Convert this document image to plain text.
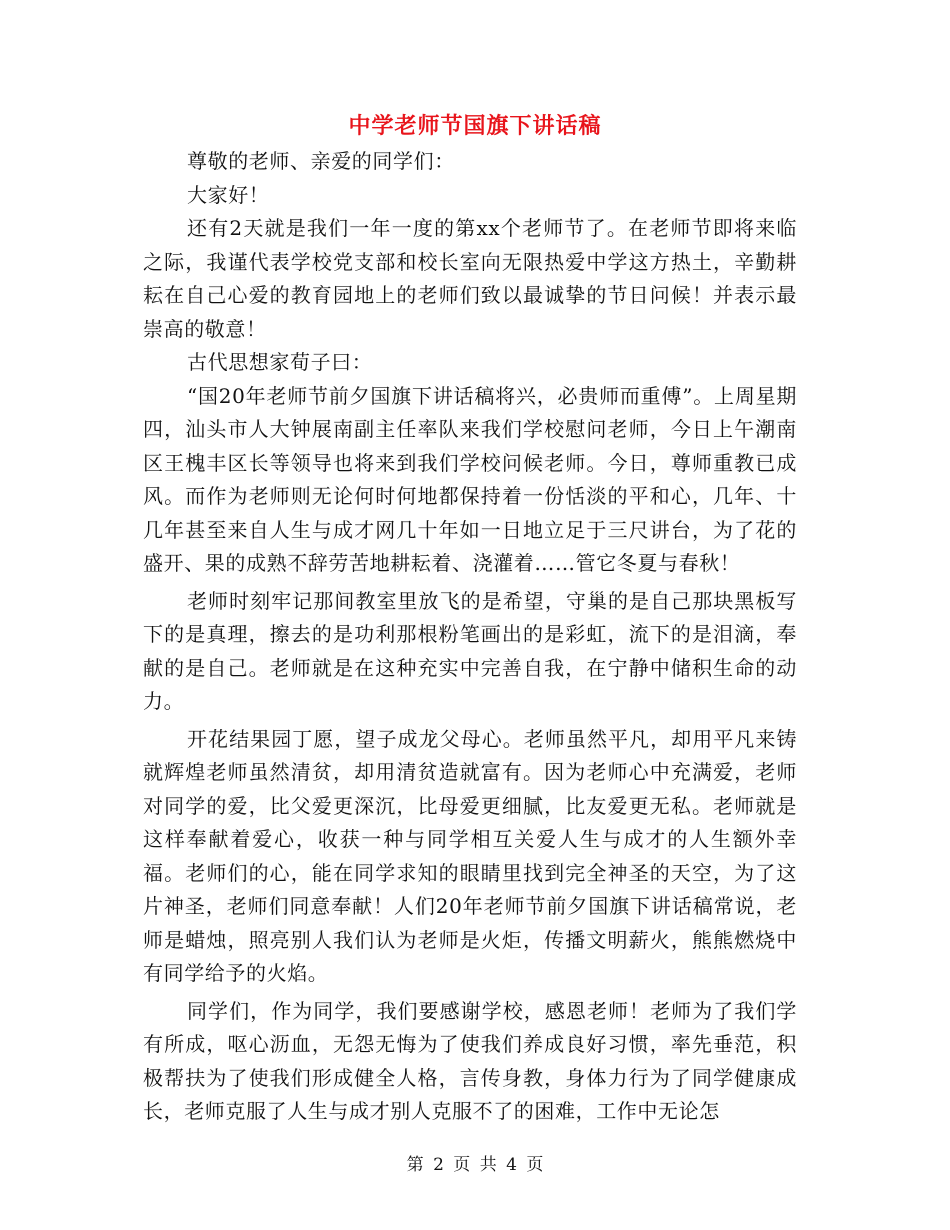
中学老师节国旗下讲话稿

尊敬的老师、亲爱的同学们：

大家好！

还有2天就是我们一年一度的第xx个老师节了。在老师节即将来临之际，我谨代表学校党支部和校长室向无限热爱中学这方热土，辛勤耕耘在自己心爱的教育园地上的老师们致以最诚挚的节日问候！并表示最崇高的敬意！

古代思想家荀子曰：

“国20年老师节前夕国旗下讲话稿将兴，必贵师而重傅”。上周星期四，汕头市人大钟展南副主任率队来我们学校慰问老师，今日上午潮南区王槐丰区长等领导也将来到我们学校问候老师。今日，尊师重教已成风。而作为老师则无论何时何地都保持着一份恬淡的平和心，几年、十几年甚至来自人生与成才网几十年如一日地立足于三尺讲台，为了花的盛开、果的成熟不辞劳苦地耕耘着、浇灌着……管它冬夏与春秋！

老师时刻牢记那间教室里放飞的是希望，守巢的是自己那块黑板写下的是真理，擦去的是功利那根粉笔画出的是彩虹，流下的是泪滴，奉献的是自己。老师就是在这种充实中完善自我，在宁静中储积生命的动力。

开花结果园丁愿，望子成龙父母心。老师虽然平凡，却用平凡来铸就辉煌老师虽然清贫，却用清贫造就富有。因为老师心中充满爱，老师对同学的爱，比父爱更深沉，比母爱更细腻，比友爱更无私。老师就是这样奉献着爱心，收获一种与同学相互关爱人生与成才的人生额外幸福。老师们的心，能在同学求知的眼睛里找到完全神圣的天空，为了这片神圣，老师们同意奉献！人们20年老师节前夕国旗下讲话稿常说，老师是蜡烛，照亮别人我们认为老师是火炬，传播文明薪火，熊熊燃烧中有同学给予的火焰。

同学们，作为同学，我们要感谢学校，感恩老师！老师为了我们学有所成，呕心沥血，无怨无悔为了使我们养成良好习惯，率先垂范，积极帮扶为了使我们形成健全人格，言传身教，身体力行为了同学健康成长，老师克服了人生与成才别人克服不了的困难，工作中无论怎

第 2 页 共 4 页
